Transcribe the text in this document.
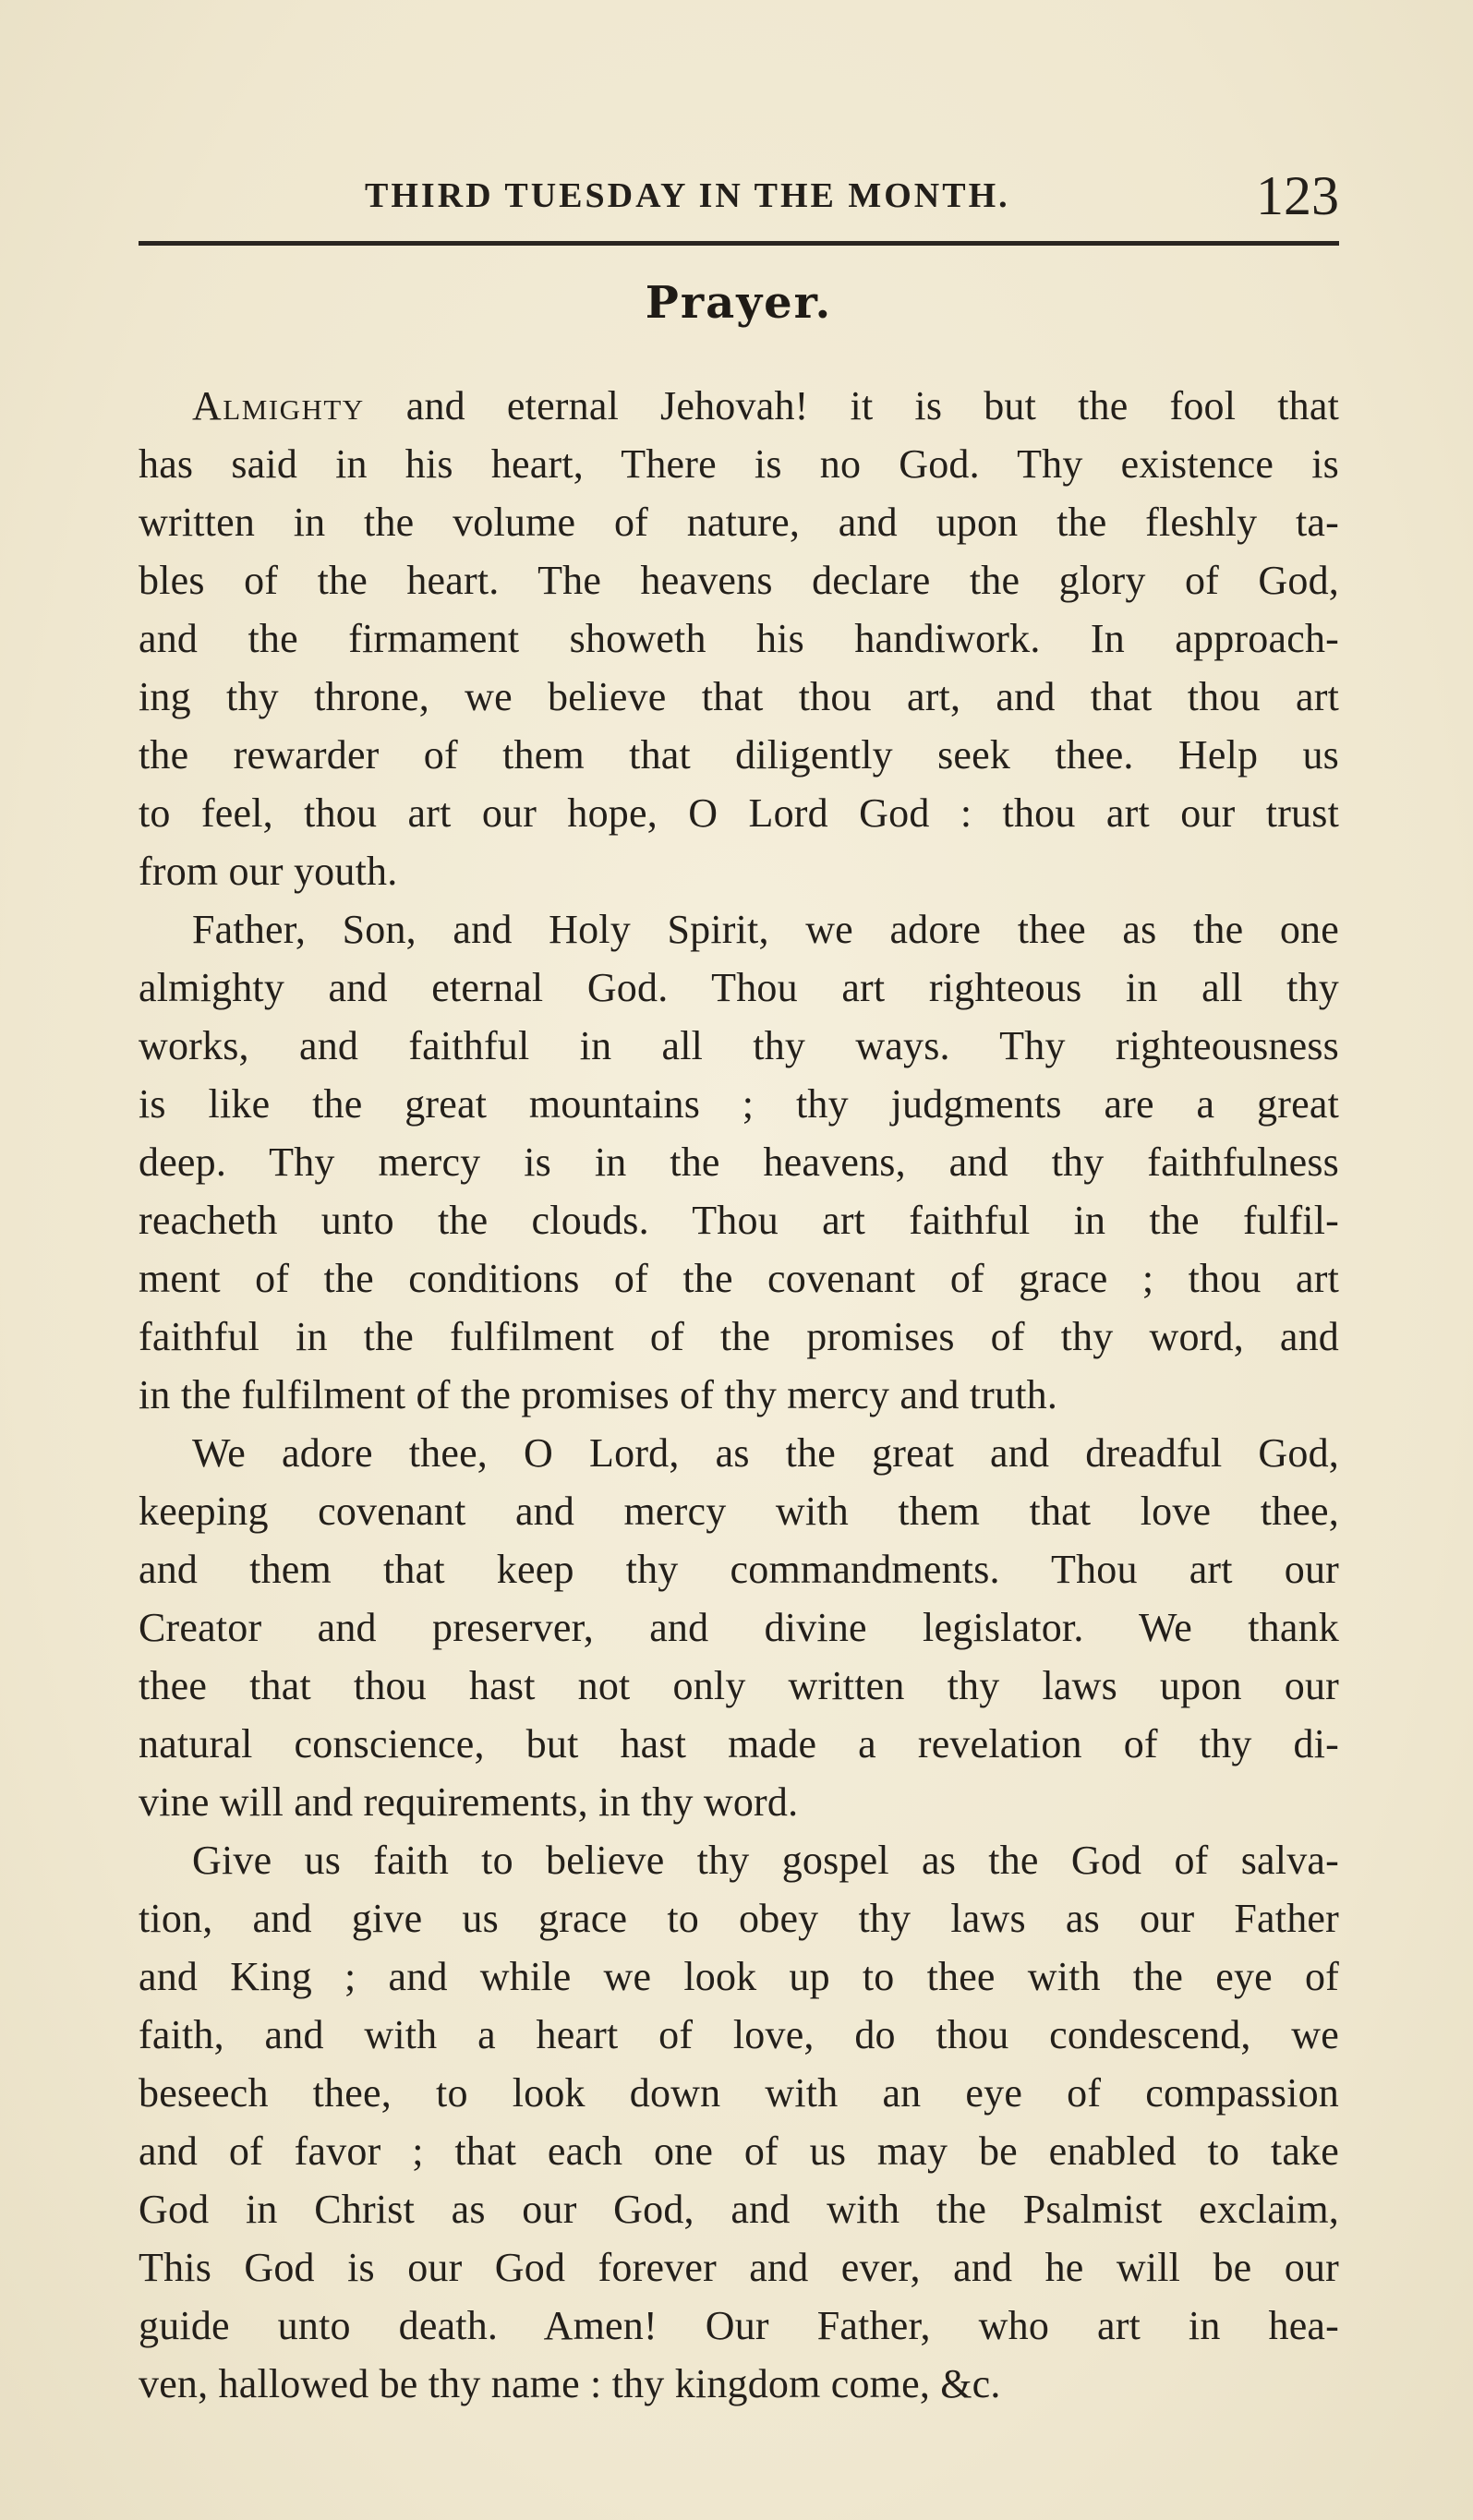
THIRD TUESDAY IN THE MONTH.	123
Prayer.
Almighty and eternal Jehovah! it is but the fool that
has said in his heart, There is no God. Thy existence is
written in the volume of nature, and upon the fleshly ta-
bles of the heart. The heavens declare the glory of God,
and the firmament showeth his handiwork. In approach-
ing thy throne, we believe that thou art, and that thou art
the rewarder of them that diligently seek thee. Help us
to feel, thou art our hope, O Lord God : thou art our trust
from our youth.
Father, Son, and Holy Spirit, we adore thee as the one
almighty and eternal God. Thou art righteous in all thy
works, and faithful in all thy ways. Thy righteousness
is like the great mountains ; thy judgments are a great
deep. Thy mercy is in the heavens, and thy faithfulness
reacheth unto the clouds. Thou art faithful in the fulfil-
ment of the conditions of the covenant of grace ; thou art
faithful in the fulfilment of the promises of thy word, and
in the fulfilment of the promises of thy mercy and truth.
We adore thee, O Lord, as the great and dreadful God,
keeping covenant and mercy with them that love thee,
and them that keep thy commandments. Thou art our
Creator and preserver, and divine legislator. We thank
thee that thou hast not only written thy laws upon our
natural conscience, but hast made a revelation of thy di-
vine will and requirements, in thy word.
Give us faith to believe thy gospel as the God of salva-
tion, and give us grace to obey thy laws as our Father
and King ; and while we look up to thee with the eye of
faith, and with a heart of love, do thou condescend, we
beseech thee, to look down with an eye of compassion
and of favor ; that each one of us may be enabled to take
God in Christ as our God, and with the Psalmist exclaim,
This God is our God forever and ever, and he will be our
guide unto death. Amen! Our Father, who art in hea-
ven, hallowed be thy name : thy kingdom come, &c.
